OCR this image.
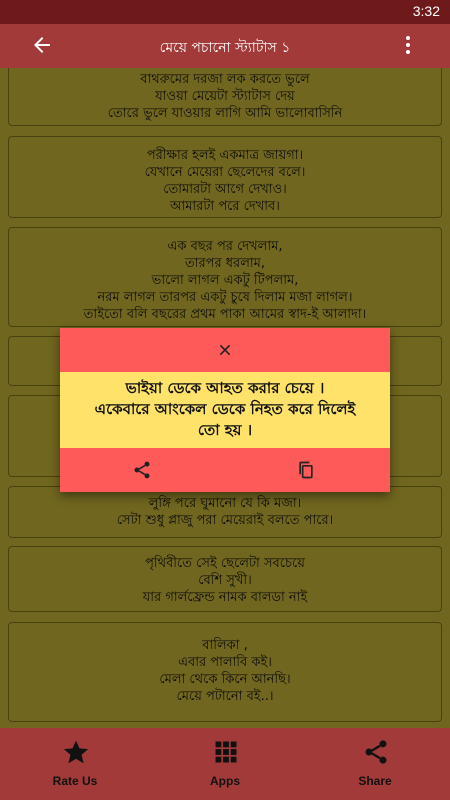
3:32
মেয়ে পচানো স্ট্যাটাস ১
বাথরুমের দরজা লক করতে ভুলে
যাওয়া মেয়েটা স্ট্যাটাস দেয়
তোরে ভুলে যাওয়ার লাগি আমি ভালোবাসিনি
পরীক্ষার হলই একমাত্র জায়গা।
যেখানে মেয়েরা ছেলেদের বলে।
তোমারটা আগে দেখাও।
আমারটা পরে দেখাব।
এক বছর পর দেখলাম,
তারপর ধরলাম,
ভালো লাগল একটু টিপলাম,
নরম লাগল তারপর একটু চুষে দিলাম মজা লাগল।
তাইতো বলি বছরের প্রথম পাকা আমের স্বাদ-ই আলাদা।
লুঙ্গি পরে ঘুমানো যে কি মজা।
সেটা শুধু প্লাজু পরা মেয়েরাই বলতে পারে।
পৃথিবীতে সেই ছেলেটা সবচেয়ে
বেশি সুখী।
যার গার্লফ্রেন্ড নামক বালডা নাই
বালিকা ,
এবার পালাবি কই।
মেলা থেকে কিনে আনছি।
মেয়ে পটানো বই..।
ভাইয়া ডেকে আহত করার চেয়ে ।
একেবারে আংকেল ডেকে নিহত করে দিলেই
তো হয় ।
Rate Us	Apps	Share
